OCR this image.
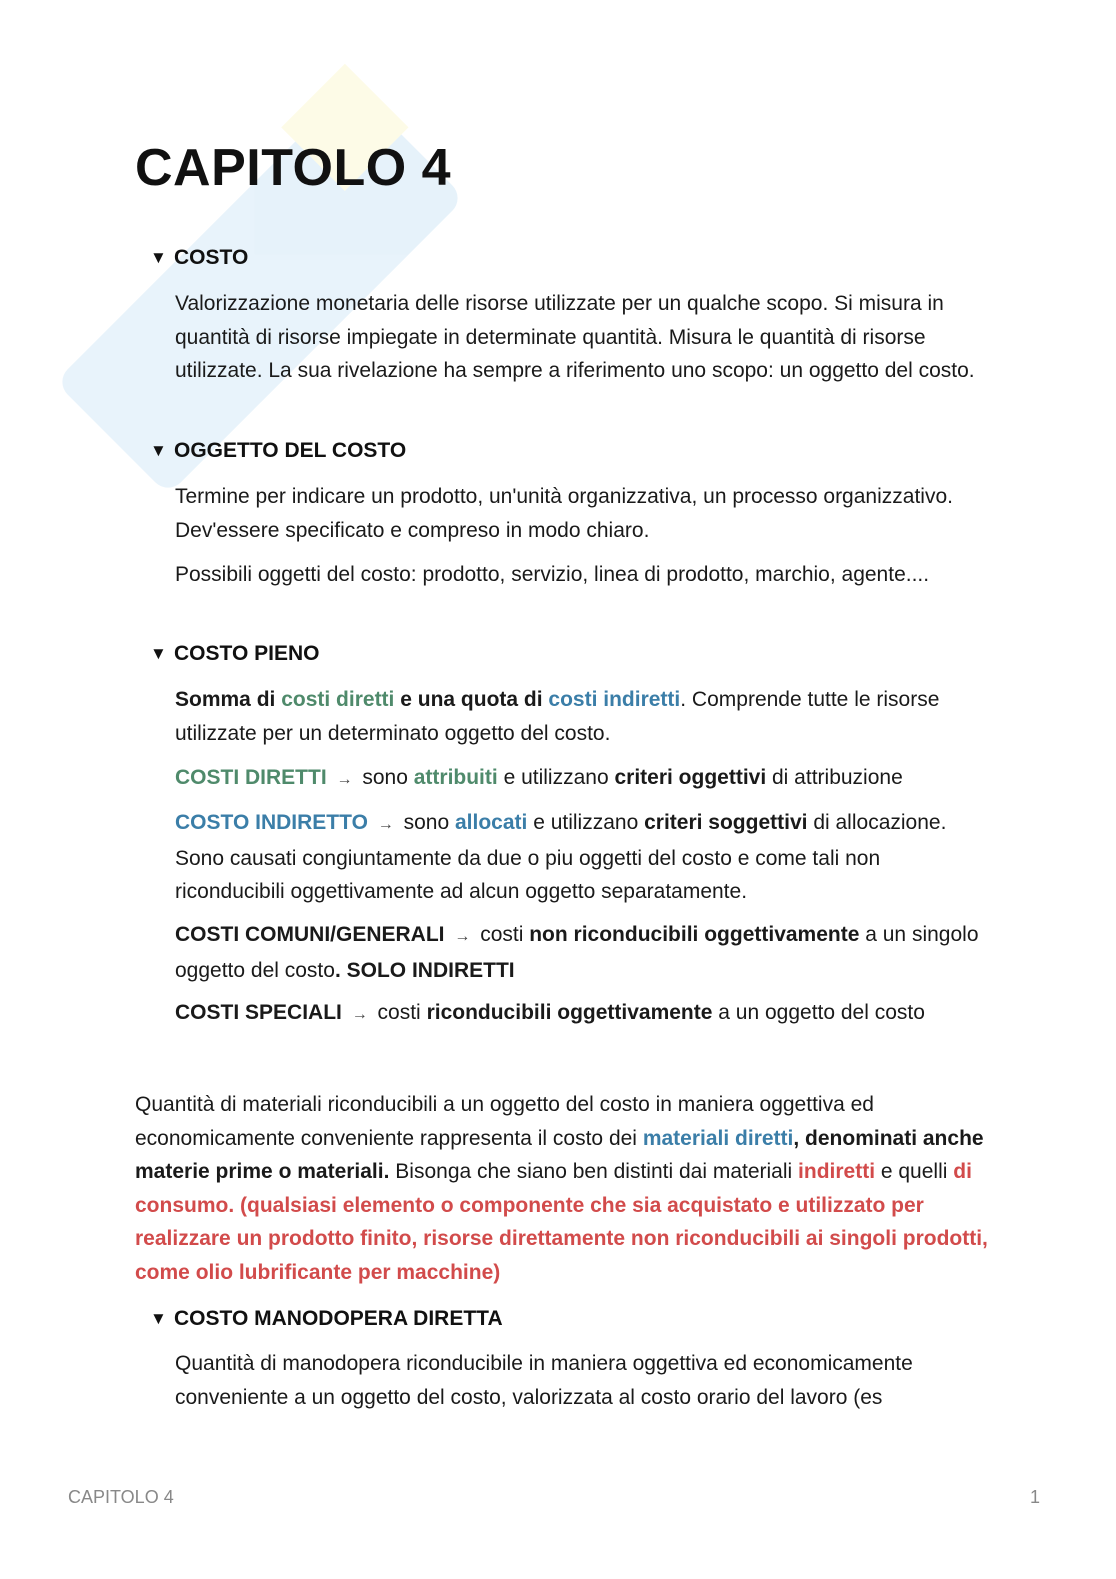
CAPITOLO 4
▼ COSTO

Valorizzazione monetaria delle risorse utilizzate per un qualche scopo. Si misura in quantità di risorse impiegate in determinate quantità. Misura le quantità di risorse utilizzate. La sua rivelazione ha sempre a riferimento uno scopo: un oggetto del costo.

▼ OGGETTO DEL COSTO

Termine per indicare un prodotto, un'unità organizzativa, un processo organizzativo. Dev'essere specificato e compreso in modo chiaro.

Possibili oggetti del costo: prodotto, servizio, linea di prodotto, marchio, agente....

▼ COSTO PIENO

Somma di costi diretti e una quota di costi indiretti. Comprende tutte le risorse utilizzate per un determinato oggetto del costo.

COSTI DIRETTI → sono attribuiti e utilizzano criteri oggettivi di attribuzione

COSTO INDIRETTO → sono allocati e utilizzano criteri soggettivi di allocazione. Sono causati congiuntamente da due o piu oggetti del costo e come tali non riconducibili oggettivamente ad alcun oggetto separatamente.

COSTI COMUNI/GENERALI → costi non riconducibili oggettivamente a un singolo oggetto del costo. SOLO INDIRETTI

COSTI SPECIALI → costi riconducibili oggettivamente a un oggetto del costo

Quantità di materiali riconducibili a un oggetto del costo in maniera oggettiva ed economicamente conveniente rappresenta il costo dei materiali diretti, denominati anche materie prime o materiali. Bisonga che siano ben distinti dai materiali indiretti e quelli di consumo. (qualsiasi elemento o componente che sia acquistato e utilizzato per realizzare un prodotto finito, risorse direttamente non riconducibili ai singoli prodotti, come olio lubrificante per macchine)

▼ COSTO MANODOPERA DIRETTA

Quantità di manodopera riconducibile in maniera oggettiva ed economicamente conveniente a un oggetto del costo, valorizzata al costo orario del lavoro (es

CAPITOLO 4	1
